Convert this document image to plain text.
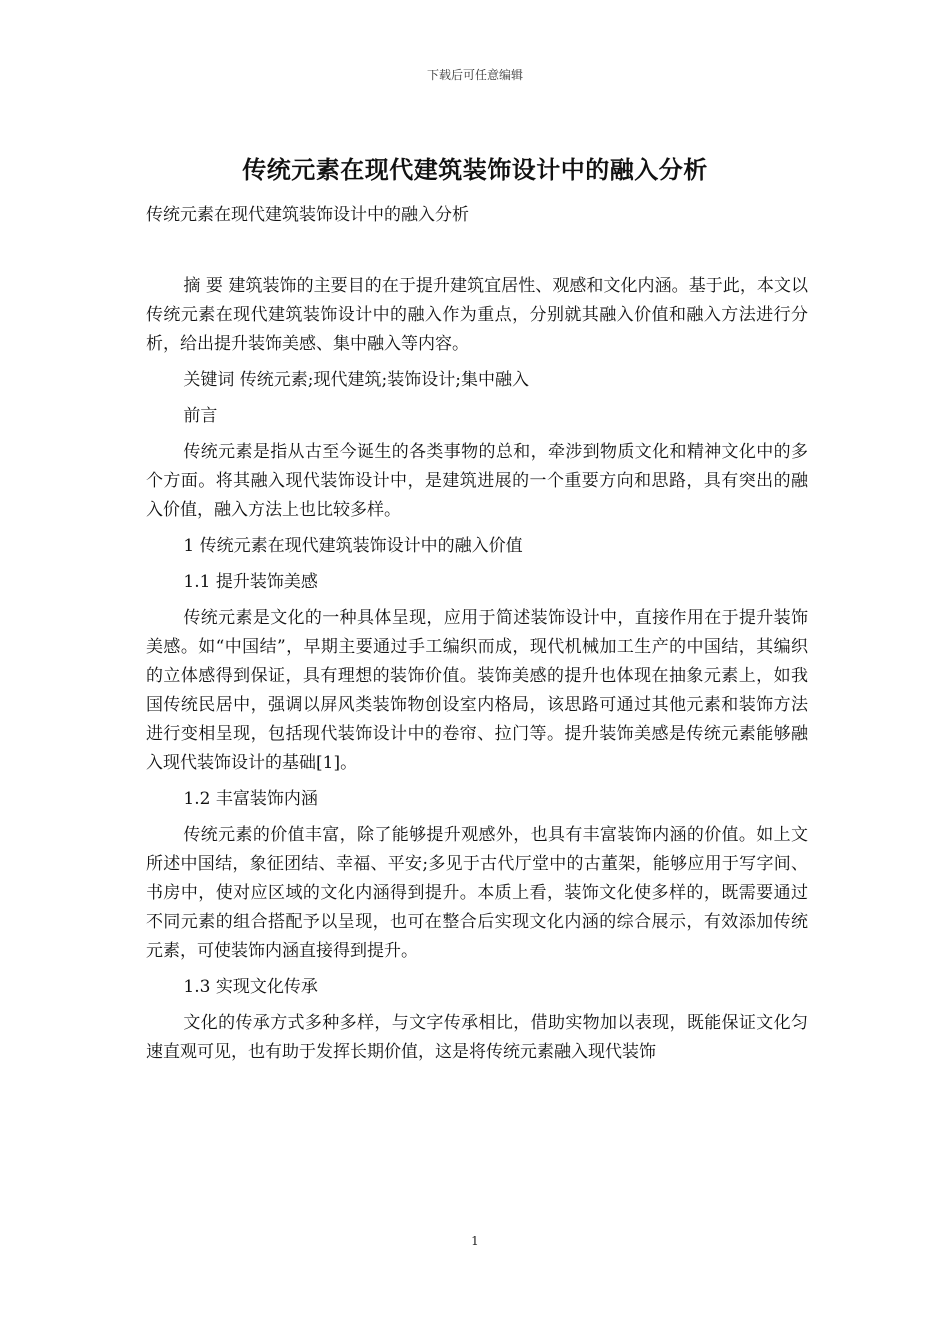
下载后可任意编辑
传统元素在现代建筑装饰设计中的融入分析
传统元素在现代建筑装饰设计中的融入分析

摘 要 建筑装饰的主要目的在于提升建筑宜居性、观感和文化内涵。基于此，本文以传统元素在现代建筑装饰设计中的融入作为重点，分别就其融入价值和融入方法进行分析，给出提升装饰美感、集中融入等内容。

关键词 传统元素;现代建筑;装饰设计;集中融入

前言

传统元素是指从古至今诞生的各类事物的总和，牵涉到物质文化和精神文化中的多个方面。将其融入现代装饰设计中，是建筑进展的一个重要方向和思路，具有突出的融入价值，融入方法上也比较多样。

1 传统元素在现代建筑装饰设计中的融入价值

1.1 提升装饰美感

传统元素是文化的一种具体呈现，应用于简述装饰设计中，直接作用在于提升装饰美感。如“中国结”，早期主要通过手工编织而成，现代机械加工生产的中国结，其编织的立体感得到保证，具有理想的装饰价值。装饰美感的提升也体现在抽象元素上，如我国传统民居中，强调以屏风类装饰物创设室内格局，该思路可通过其他元素和装饰方法进行变相呈现，包括现代装饰设计中的卷帘、拉门等。提升装饰美感是传统元素能够融入现代装饰设计的基础[1]。

1.2 丰富装饰内涵

传统元素的价值丰富，除了能够提升观感外，也具有丰富装饰内涵的价值。如上文所述中国结，象征团结、幸福、平安;多见于古代厅堂中的古董架，能够应用于写字间、书房中，使对应区域的文化内涵得到提升。本质上看，装饰文化使多样的，既需要通过不同元素的组合搭配予以呈现，也可在整合后实现文化内涵的综合展示，有效添加传统元素，可使装饰内涵直接得到提升。

1.3 实现文化传承

文化的传承方式多种多样，与文字传承相比，借助实物加以表现，既能保证文化匀速直观可见，也有助于发挥长期价值，这是将传统元素融入现代装饰

1
